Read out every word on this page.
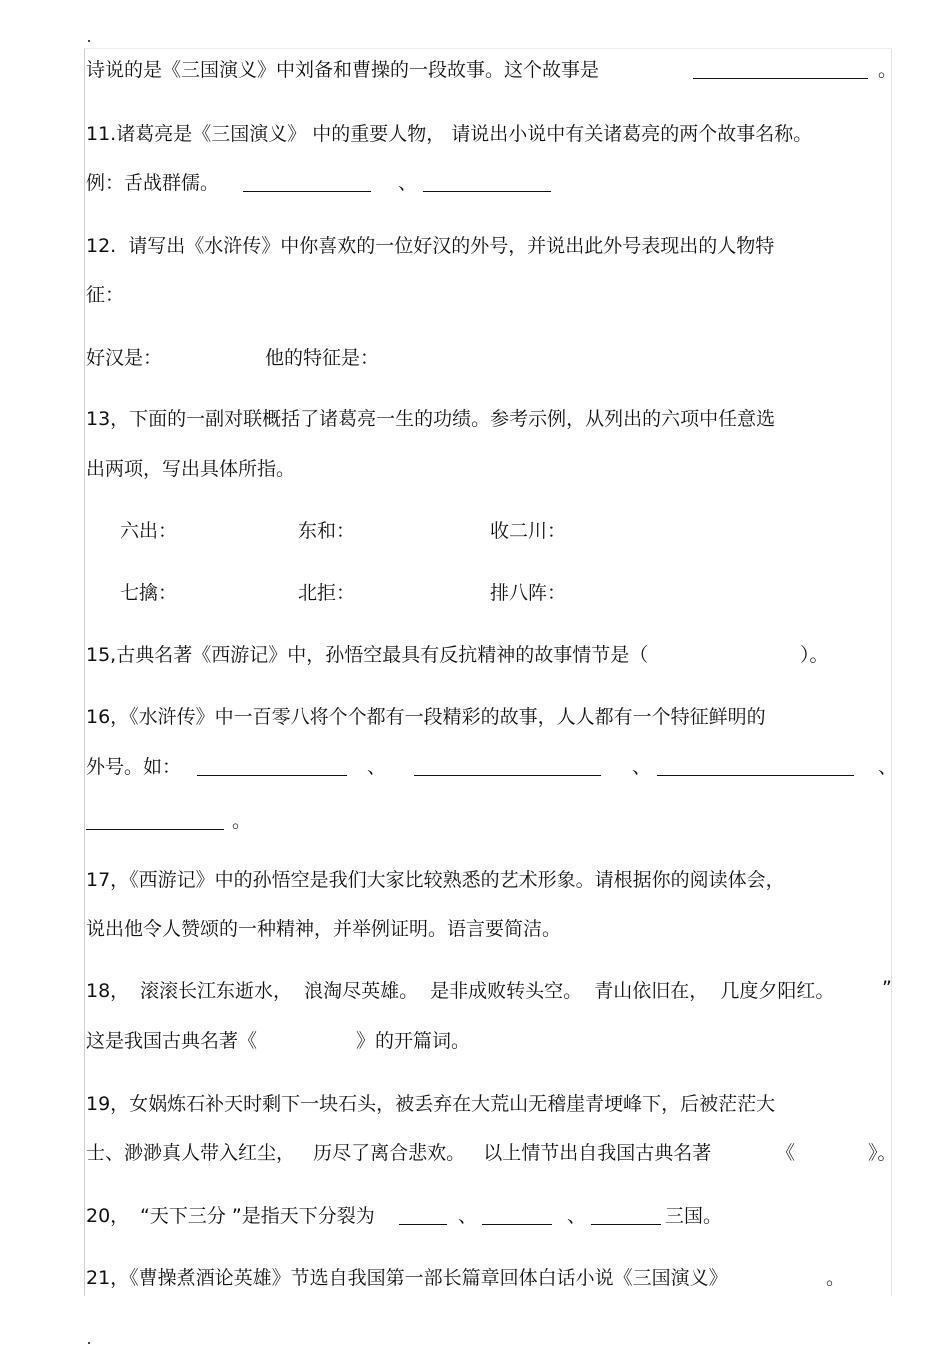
诗说的是《三国演义》中刘备和曹操的一段故事。这个故事是	。
11.诸葛亮是《三国演义》 中的重要人物， 请说出小说中有关诸葛亮的两个故事名称。
例：舌战群儒。	、
12.  请写出《水浒传》中你喜欢的一位好汉的外号，并说出此外号表现出的人物特
征：
好汉是：	他的特征是：
13，下面的一副对联概括了诸葛亮一生的功绩。参考示例，从列出的六项中任意选
出两项，写出具体所指。
六出：	东和：	收二川：
七擒：	北拒：	排八阵：
15,古典名著《西游记》中，孙悟空最具有反抗精神的故事情节是（	）。
16，《水浒传》中一百零八将个个都有一段精彩的故事，人人都有一个特征鲜明的
外号。如：	、	、	、
。
17，《西游记》中的孙悟空是我们大家比较熟悉的艺术形象。请根据你的阅读体会，
说出他令人赞颂的一种精神，并举例证明。语言要简洁。
18， 滚滚长江东逝水，  浪淘尽英雄。  是非成败转头空。  青山依旧在，  几度夕阳红。	”
这是我国古典名著《	》的开篇词。
19，女娲炼石补天时剩下一块石头，被丢弃在大荒山无稽崖青埂峰下，后被茫茫大
士、渺渺真人带入红尘，   历尽了离合悲欢。   以上情节出自我国古典名著	《	》。
20， “天下三分 ”是指天下分裂为	、	、	三国。
21，《曹操煮酒论英雄》节选自我国第一部长篇章回体白话小说《三国演义》	。
